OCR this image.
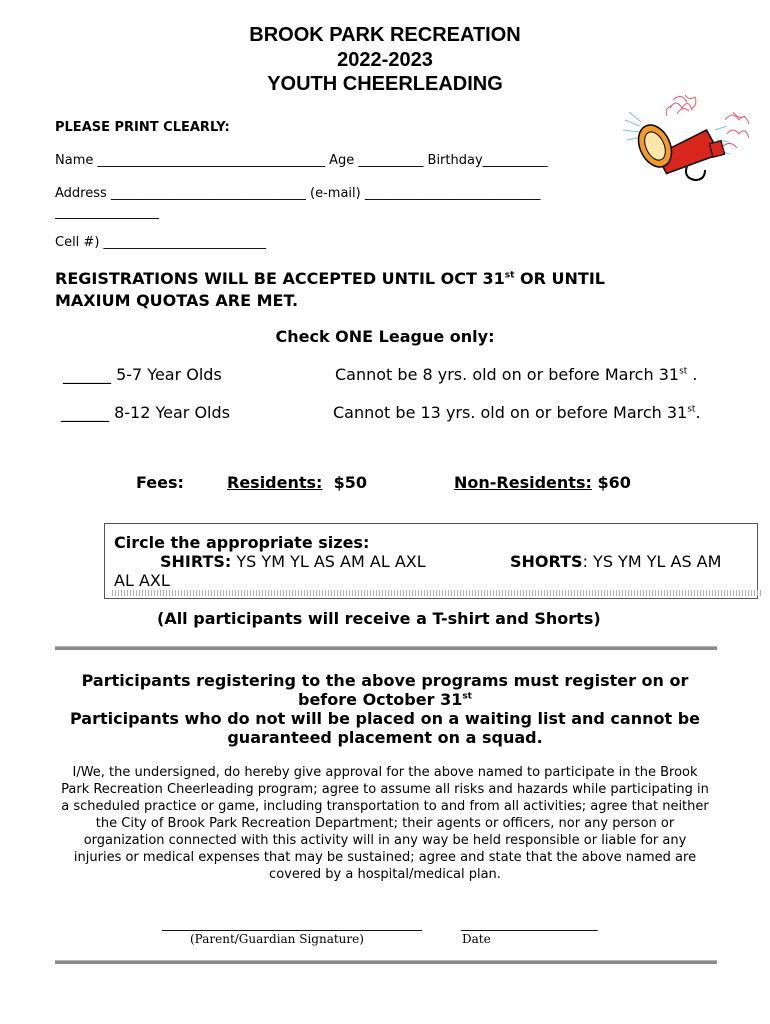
BROOK PARK RECREATION
2022-2023
YOUTH CHEERLEADING
PLEASE PRINT CLEARLY:
Name ___________________________________ Age __________ Birthday__________
Address ______________________________ (e-mail) ___________________________
________________
Cell #) _________________________
REGISTRATIONS WILL BE ACCEPTED UNTIL OCT 31st OR UNTIL
MAXIUM QUOTAS ARE MET.
Check ONE League only:
______ 5-7 Year Olds	Cannot be 8 yrs. old on or before March 31st .
______ 8-12 Year Olds	Cannot be 13 yrs. old on or before March 31st.
Fees:	Residents: $50	Non-Residents: $60
Circle the appropriate sizes:
SHIRTS: YS YM YL AS AM AL AXL	SHORTS: YS YM YL AS AM
AL AXL
(All participants will receive a T-shirt and Shorts)
Participants registering to the above programs must register on or
before October 31st
Participants who do not will be placed on a waiting list and cannot be
guaranteed placement on a squad.
I/We, the undersigned, do hereby give approval for the above named to participate in the Brook Park Recreation Cheerleading program; agree to assume all risks and hazards while participating in a scheduled practice or game, including transportation to and from all activities; agree that neither the City of Brook Park Recreation Department; their agents or officers, nor any person or organization connected with this activity will in any way be held responsible or liable for any injuries or medical expenses that may be sustained; agree and state that the above named are covered by a hospital/medical plan.
________________________________________
(Parent/Guardian Signature)
_____________________
Date
